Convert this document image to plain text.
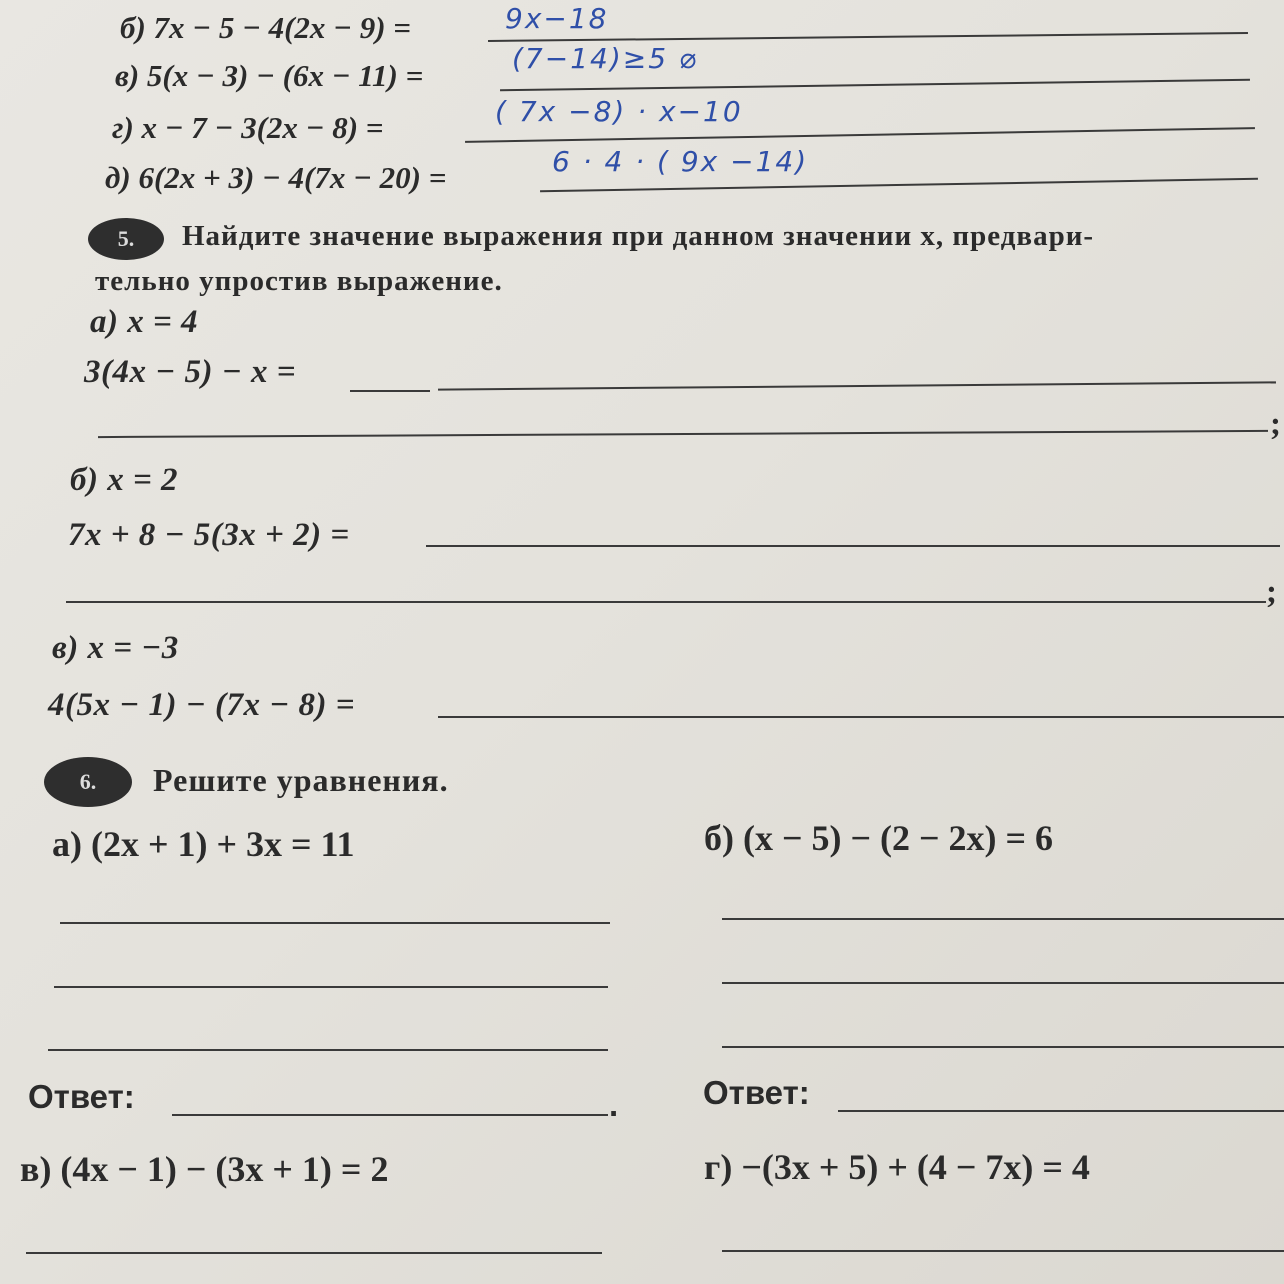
б) 7x − 5 − 4(2x − 9) =	9x−18
в) 5(x − 3) − (6x − 11) =	(7−14)≥5 ⌀
г) x − 7 − 3(2x − 8) =	( 7x −8) · x−10
д) 6(2x + 3) − 4(7x − 20) =	6 · 4 · ( 9x −14)
5. Найдите значение выражения при данном значении x, предвари-
тельно упростив выражение.
а) x = 4
3(4x − 5) − x =
;
б) x = 2
7x + 8 − 5(3x + 2) =
;
в) x = −3
4(5x − 1) − (7x − 8) =
6. Решите уравнения.
а) (2x + 1) + 3x = 11	б) (x − 5) − (2 − 2x) = 6
Ответ:	.	Ответ:
в) (4x − 1) − (3x + 1) = 2	г) −(3x + 5) + (4 − 7x) = 4
